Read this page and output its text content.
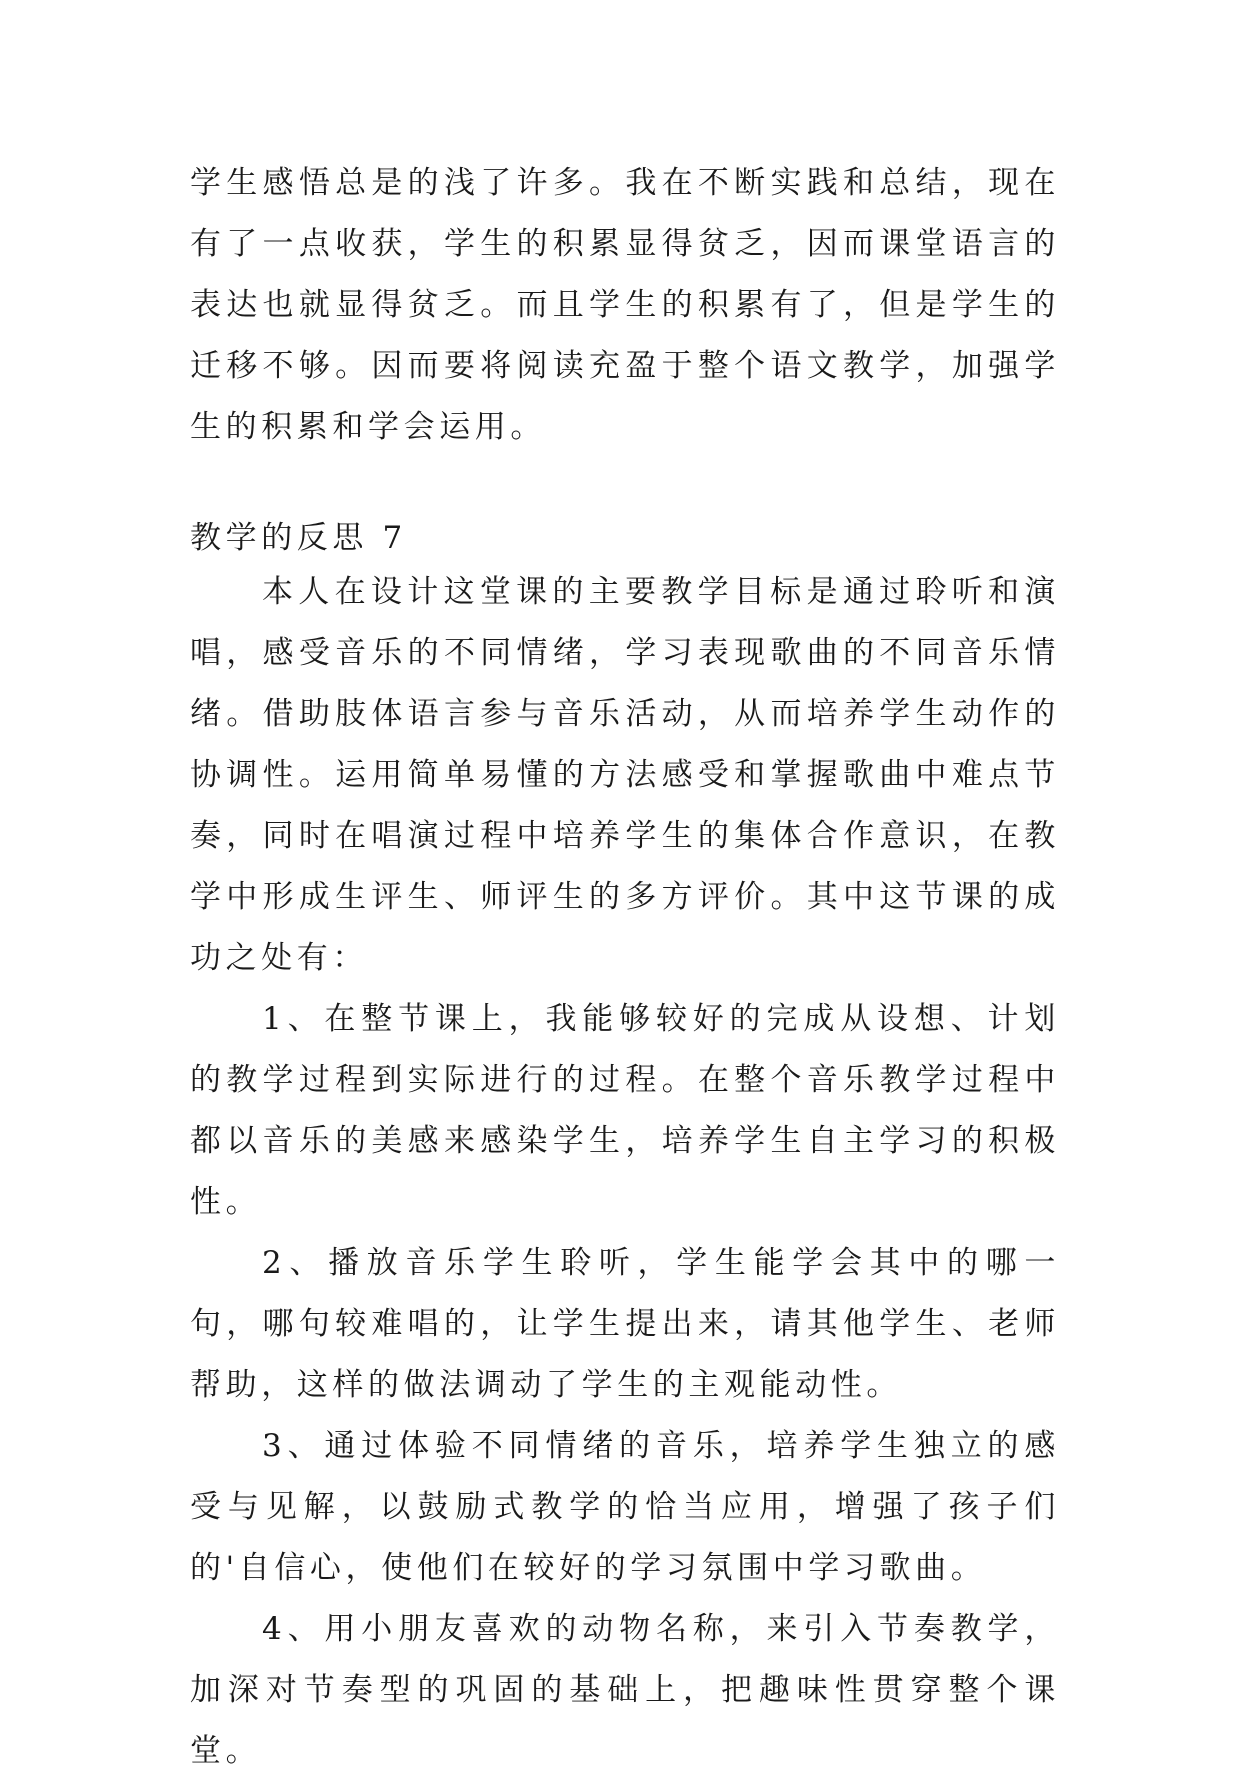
学生感悟总是的浅了许多。我在不断实践和总结，现在有了一点收获，学生的积累显得贫乏，因而课堂语言的表达也就显得贫乏。而且学生的积累有了，但是学生的迁移不够。因而要将阅读充盈于整个语文教学，加强学生的积累和学会运用。

教学的反思 7

本人在设计这堂课的主要教学目标是通过聆听和演唱，感受音乐的不同情绪，学习表现歌曲的不同音乐情绪。借助肢体语言参与音乐活动，从而培养学生动作的协调性。运用简单易懂的方法感受和掌握歌曲中难点节奏，同时在唱演过程中培养学生的集体合作意识，在教学中形成生评生、师评生的多方评价。其中这节课的成功之处有：

1、在整节课上，我能够较好的完成从设想、计划的教学过程到实际进行的过程。在整个音乐教学过程中都以音乐的美感来感染学生，培养学生自主学习的积极性。

2、播放音乐学生聆听，学生能学会其中的哪一句，哪句较难唱的，让学生提出来，请其他学生、老师帮助，这样的做法调动了学生的主观能动性。

3、通过体验不同情绪的音乐，培养学生独立的感受与见解，以鼓励式教学的恰当应用，增强了孩子们的'自信心，使他们在较好的学习氛围中学习歌曲。

4、用小朋友喜欢的动物名称，来引入节奏教学，加深对节奏型的巩固的基础上，把趣味性贯穿整个课堂。
